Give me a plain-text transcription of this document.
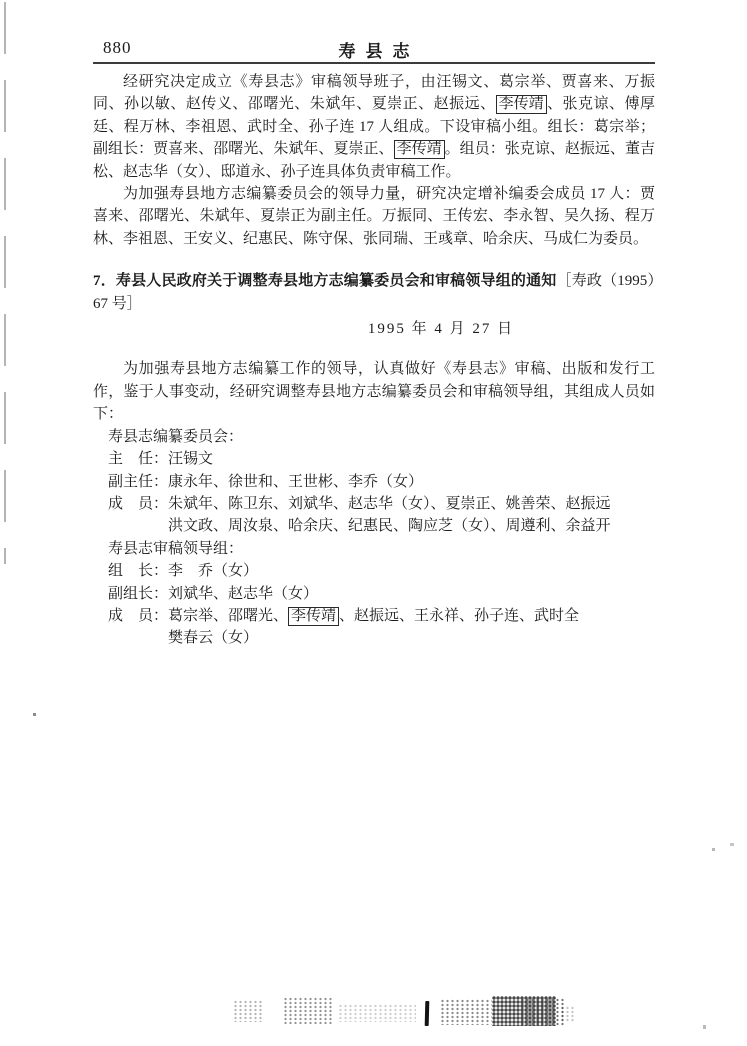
880	寿县志

经研究决定成立《寿县志》审稿领导班子，由汪锡文、葛宗举、贾喜来、万振同、孙以敏、赵传义、邵曙光、朱斌年、夏崇正、赵振远、 李传靖 、张克谅、傅厚廷、程万林、李祖恩、武时全、孙子连 17 人组成。下设审稿小组。组长：葛宗举；副组长：贾喜来、邵曙光、朱斌年、夏崇正、 李传靖 。组员：张克谅、赵振远、董吉松、赵志华（女）、邸道永、孙子连具体负责审稿工作。

为加强寿县地方志编纂委员会的领导力量，研究决定增补编委会成员 17 人：贾喜来、邵曙光、朱斌年、夏崇正为副主任。万振同、王传宏、李永智、吴久扬、程万林、李祖恩、王安义、纪惠民、陈守保、张同瑞、王彧章、哈余庆、马成仁为委员。

7．寿县人民政府关于调整寿县地方志编纂委员会和审稿领导组的通知［寿政（1995）67 号］

1995 年 4 月 27 日

为加强寿县地方志编纂工作的领导，认真做好《寿县志》审稿、出版和发行工作，鉴于人事变动，经研究调整寿县地方志编纂委员会和审稿领导组，其组成人员如下：

寿县志编纂委员会：

主　任：汪锡文

副主任：康永年、徐世和、王世彬、李乔（女）

成　员：朱斌年、陈卫东、刘斌华、赵志华（女）、夏崇正、姚善荣、赵振远
洪文政、周汝泉、哈余庆、纪惠民、陶应芝（女）、周遵利、余益开

寿县志审稿领导组：

组　长：李　乔（女）

副组长：刘斌华、赵志华（女）

成　员：葛宗举、邵曙光、 李传靖 、赵振远、王永祥、孙子连、武时全
樊春云（女）
